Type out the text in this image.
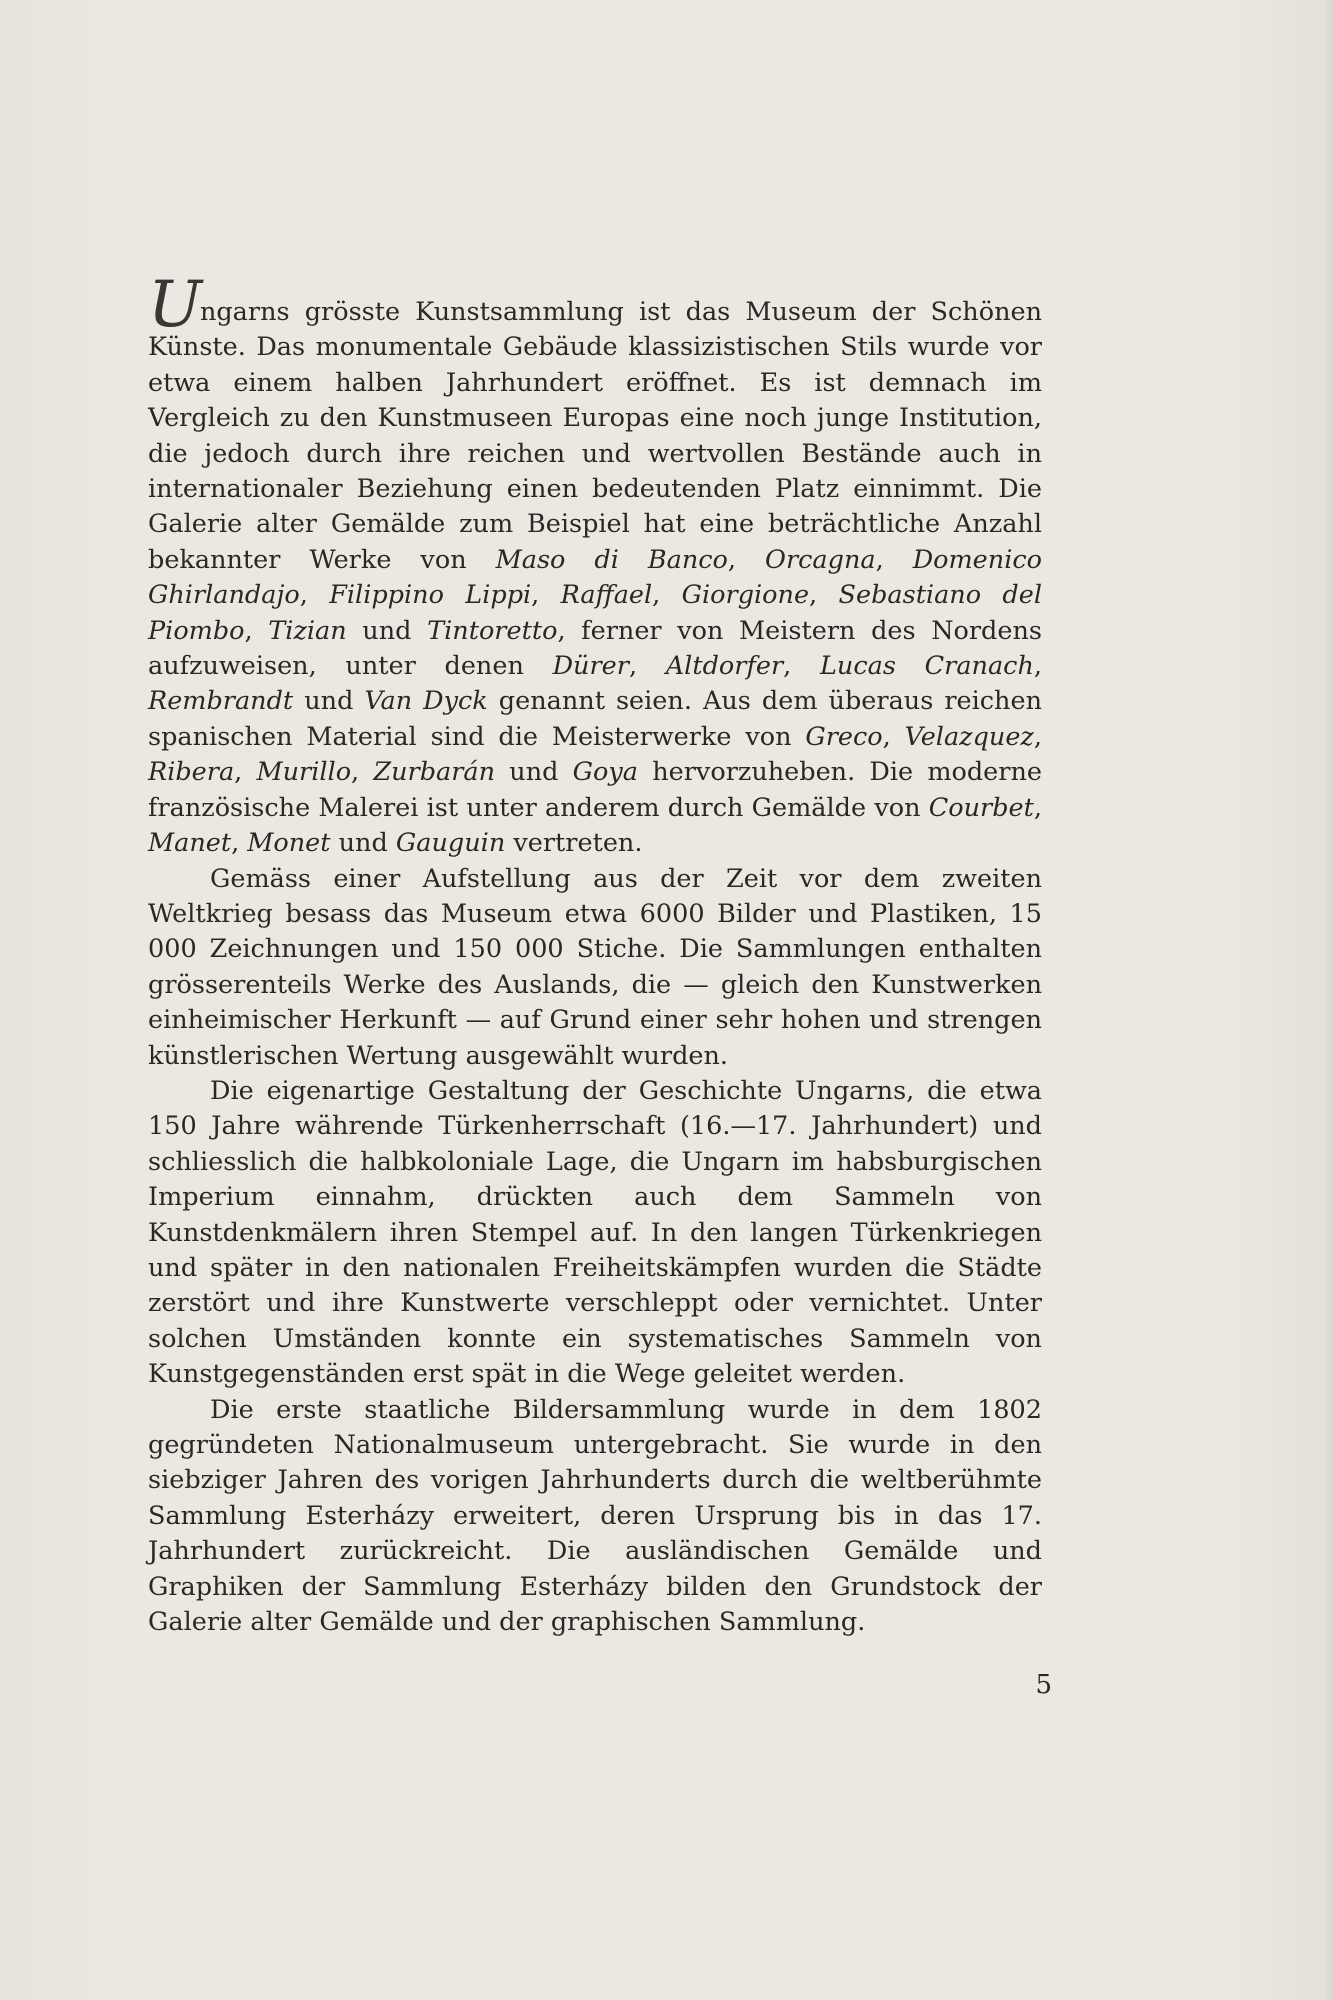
Ungarns grösste Kunstsammlung ist das Museum der Schönen Künste. Das monumentale Gebäude klassizistischen Stils wurde vor etwa einem halben Jahrhundert eröffnet. Es ist demnach im Vergleich zu den Kunstmuseen Europas eine noch junge Institution, die jedoch durch ihre reichen und wertvollen Bestände auch in internationaler Beziehung einen bedeutenden Platz einnimmt. Die Galerie alter Gemälde zum Beispiel hat eine beträchtliche Anzahl bekannter Werke von Maso di Banco, Orcagna, Domenico Ghirlandajo, Filippino Lippi, Raffael, Giorgione, Sebastiano del Piombo, Tizian und Tintoretto, ferner von Meistern des Nordens aufzuweisen, unter denen Dürer, Altdorfer, Lucas Cranach, Rembrandt und Van Dyck genannt seien. Aus dem überaus reichen spanischen Material sind die Meisterwerke von Greco, Velazquez, Ribera, Murillo, Zurbarán und Goya hervorzuheben. Die moderne französische Malerei ist unter anderem durch Gemälde von Courbet, Manet, Monet und Gauguin vertreten.

Gemäss einer Aufstellung aus der Zeit vor dem zweiten Weltkrieg besass das Museum etwa 6000 Bilder und Plastiken, 15 000 Zeichnungen und 150 000 Stiche. Die Sammlungen enthalten grösserenteils Werke des Auslands, die — gleich den Kunstwerken einheimischer Herkunft — auf Grund einer sehr hohen und strengen künstlerischen Wertung ausgewählt wurden.

Die eigenartige Gestaltung der Geschichte Ungarns, die etwa 150 Jahre währende Türkenherrschaft (16.—17. Jahrhundert) und schliesslich die halbkoloniale Lage, die Ungarn im habsburgischen Imperium einnahm, drückten auch dem Sammeln von Kunstdenkmälern ihren Stempel auf. In den langen Türkenkriegen und später in den nationalen Freiheitskämpfen wurden die Städte zerstört und ihre Kunstwerte verschleppt oder vernichtet. Unter solchen Umständen konnte ein systematisches Sammeln von Kunstgegenständen erst spät in die Wege geleitet werden.

Die erste staatliche Bildersammlung wurde in dem 1802 gegründeten Nationalmuseum untergebracht. Sie wurde in den siebziger Jahren des vorigen Jahrhunderts durch die weltberühmte Sammlung Esterházy erweitert, deren Ursprung bis in das 17. Jahrhundert zurückreicht. Die ausländischen Gemälde und Graphiken der Sammlung Esterházy bilden den Grundstock der Galerie alter Gemälde und der graphischen Sammlung.

5
